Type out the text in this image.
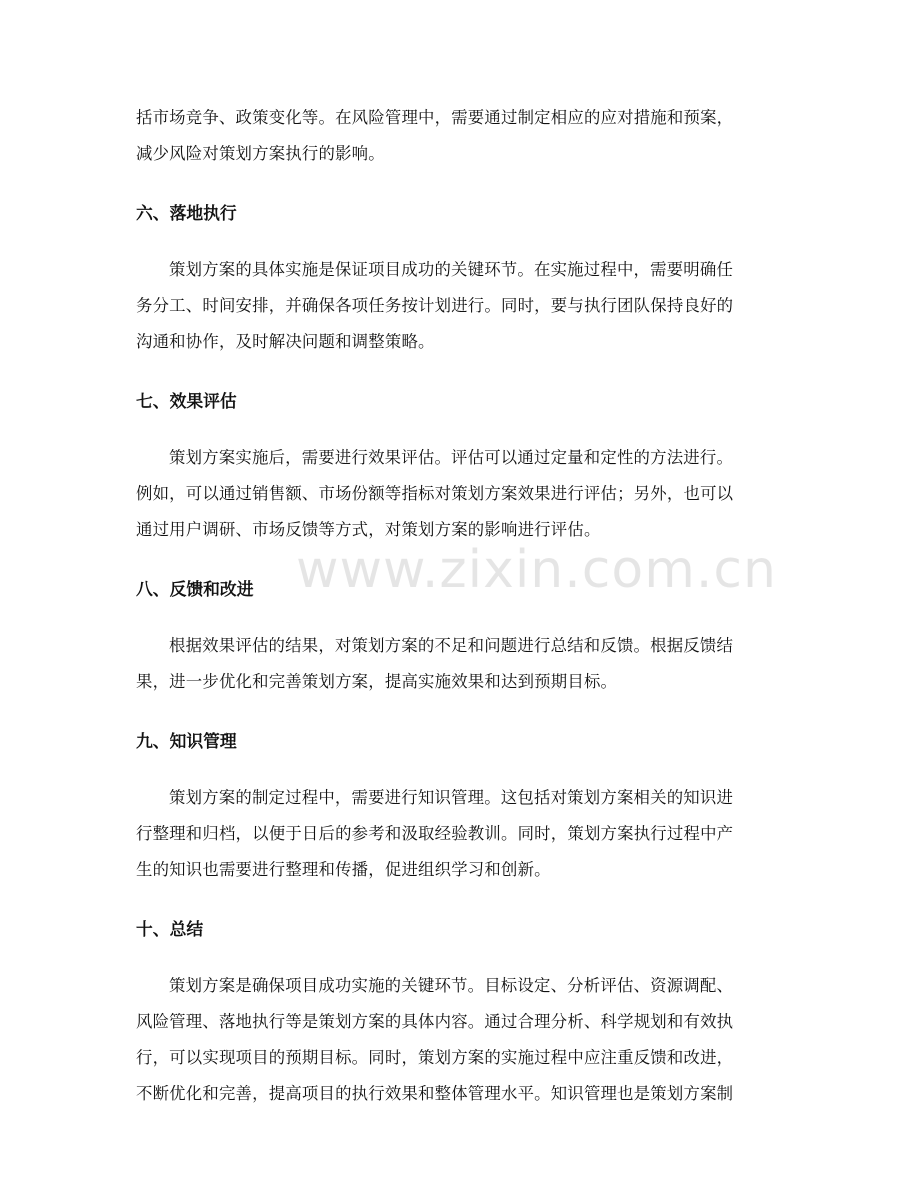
括市场竞争、政策变化等。在风险管理中，需要通过制定相应的应对措施和预案，
减少风险对策划方案执行的影响。

六、落地执行

策划方案的具体实施是保证项目成功的关键环节。在实施过程中，需要明确任
务分工、时间安排，并确保各项任务按计划进行。同时，要与执行团队保持良好的
沟通和协作，及时解决问题和调整策略。

七、效果评估

策划方案实施后，需要进行效果评估。评估可以通过定量和定性的方法进行。
例如，可以通过销售额、市场份额等指标对策划方案效果进行评估；另外，也可以
通过用户调研、市场反馈等方式，对策划方案的影响进行评估。

八、反馈和改进

根据效果评估的结果，对策划方案的不足和问题进行总结和反馈。根据反馈结
果，进一步优化和完善策划方案，提高实施效果和达到预期目标。

九、知识管理

策划方案的制定过程中，需要进行知识管理。这包括对策划方案相关的知识进
行整理和归档，以便于日后的参考和汲取经验教训。同时，策划方案执行过程中产
生的知识也需要进行整理和传播，促进组织学习和创新。

十、总结

策划方案是确保项目成功实施的关键环节。目标设定、分析评估、资源调配、
风险管理、落地执行等是策划方案的具体内容。通过合理分析、科学规划和有效执
行，可以实现项目的预期目标。同时，策划方案的实施过程中应注重反馈和改进，
不断优化和完善，提高项目的执行效果和整体管理水平。知识管理也是策划方案制

www.zixin.com.cn
